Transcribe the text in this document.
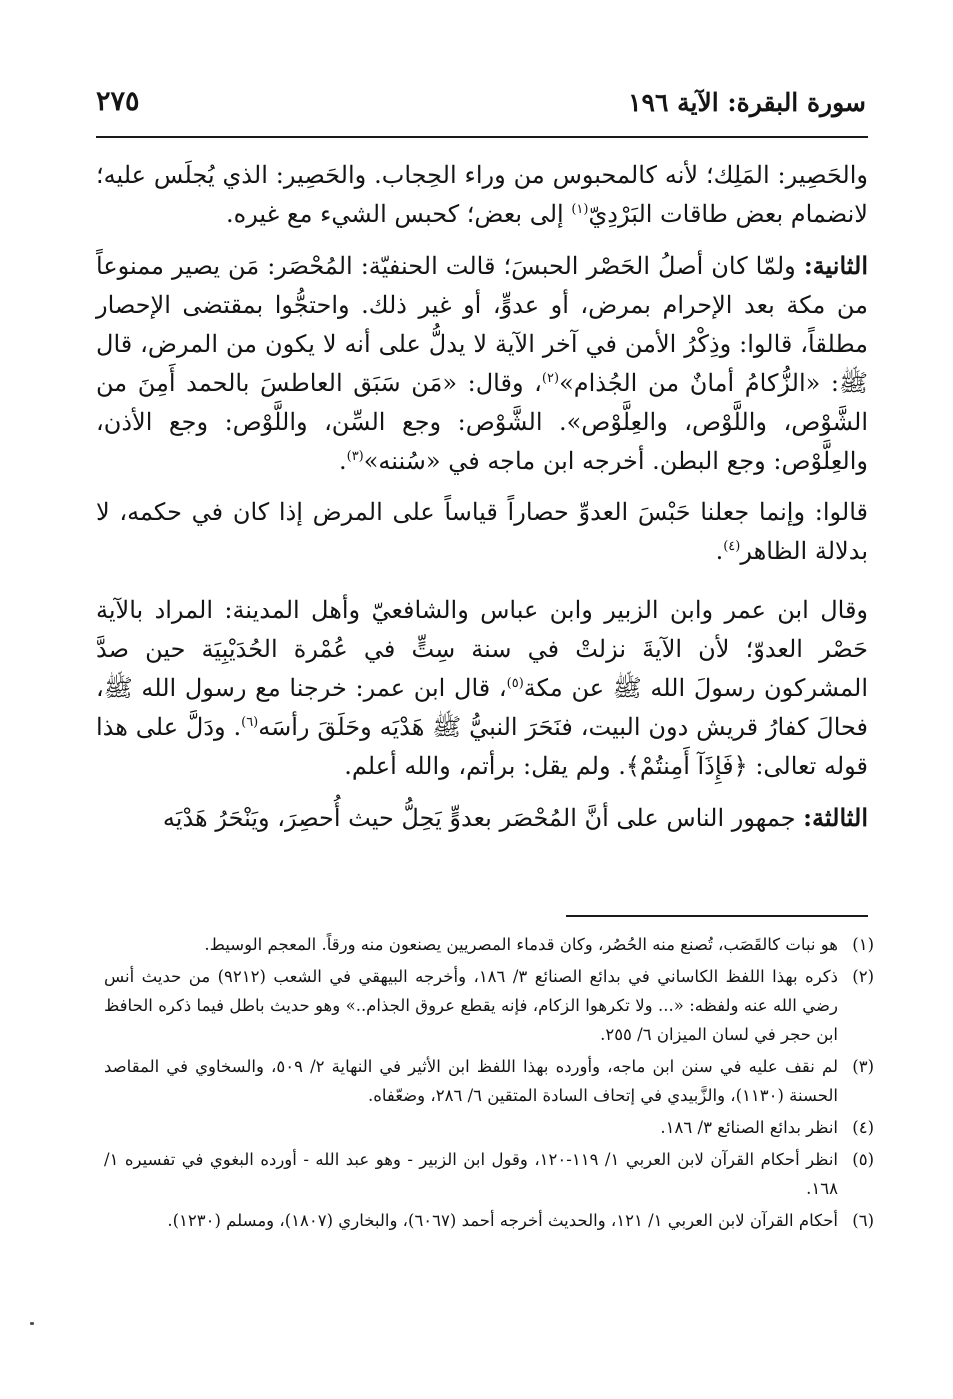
سورة البقرة: الآية ١٩٦
٢٧٥

والحَصِير: المَلِك؛ لأنه كالمحبوس من وراء الحِجاب. والحَصِير: الذي يُجلَس عليه؛ لانضمام بعض طاقات البَرْدِيّ$^{(١)}$ إلى بعض؛ كحبس الشيء مع غيره.

الثانية: ولمّا كان أصلُ الحَصْر الحبسَ؛ قالت الحنفيّة: المُحْصَر: مَن يصير ممنوعاً من مكة بعد الإحرام بمرض، أو عدوٍّ، أو غير ذلك. واحتجُّوا بمقتضى الإحصار مطلقاً، قالوا: وذِكْرُ الأمن في آخر الآية لا يدلُّ على أنه لا يكون من المرض، قال ﷺ: «الزُّكامُ أمانٌ من الجُذام»$^{(٢)}$، وقال: «مَن سَبَق العاطسَ بالحمد أَمِنَ من الشَّوْص، واللَّوْص، والعِلَّوْص». الشَّوْص: وجع السِّن، واللَّوْص: وجع الأذن، والعِلَّوْص: وجع البطن. أخرجه ابن ماجه في «سُننه»$^{(٣)}$.

قالوا: وإنما جعلنا حَبْسَ العدوِّ حصاراً قياساً على المرض إذا كان في حكمه، لا بدلالة الظاهر$^{(٤)}$.

وقال ابن عمر وابن الزبير وابن عباس والشافعيّ وأهل المدينة: المراد بالآية حَصْر العدوّ؛ لأن الآيةَ نزلتْ في سنة سِتٍّ في عُمْرة الحُدَيْبِيَة حين صدَّ المشركون رسولَ الله ﷺ عن مكة$^{(٥)}$، قال ابن عمر: خرجنا مع رسول الله ﷺ، فحالَ كفارُ قريش دون البيت، فنَحَرَ النبيُّ ﷺ هَدْيَه وحَلَقَ رأسَه$^{(٦)}$. ودَلَّ على هذا قوله تعالى: ﴿فَإِذَآ أَمِنتُمْ﴾. ولم يقل: برأتم، والله أعلم.

الثالثة: جمهور الناس على أنَّ المُحْصَر بعدوٍّ يَحِلُّ حيث أُحصِرَ، ويَنْحَرُ هَدْيَه

(١)
هو نبات كالقَصَب، تُصنع منه الحُصُر، وكان قدماء المصريين يصنعون منه ورقاً. المعجم الوسيط.
(٢)
ذكره بهذا اللفظ الكاساني في بدائع الصنائع ٣/ ١٨٦، وأخرجه البيهقي في الشعب (٩٢١٢) من حديث أنس رضي الله عنه ولفظه: «... ولا تكرهوا الزكام، فإنه يقطع عروق الجذام..» وهو حديث باطل فيما ذكره الحافظ ابن حجر في لسان الميزان ٦/ ٢٥٥.
(٣)
لم نقف عليه في سنن ابن ماجه، وأورده بهذا اللفظ ابن الأثير في النهاية ٢/ ٥٠٩، والسخاوي في المقاصد الحسنة (١١٣٠)، والزَّبيدي في إتحاف السادة المتقين ٦/ ٢٨٦، وضعّفاه.
(٤)
انظر بدائع الصنائع ٣/ ١٨٦.
(٥)
انظر أحكام القرآن لابن العربي ١/ ١١٩-١٢٠، وقول ابن الزبير - وهو عبد الله - أورده البغوي في تفسيره ١/ ١٦٨.
(٦)
أحكام القرآن لابن العربي ١/ ١٢١، والحديث أخرجه أحمد (٦٠٦٧)، والبخاري (١٨٠٧)، ومسلم (١٢٣٠).
